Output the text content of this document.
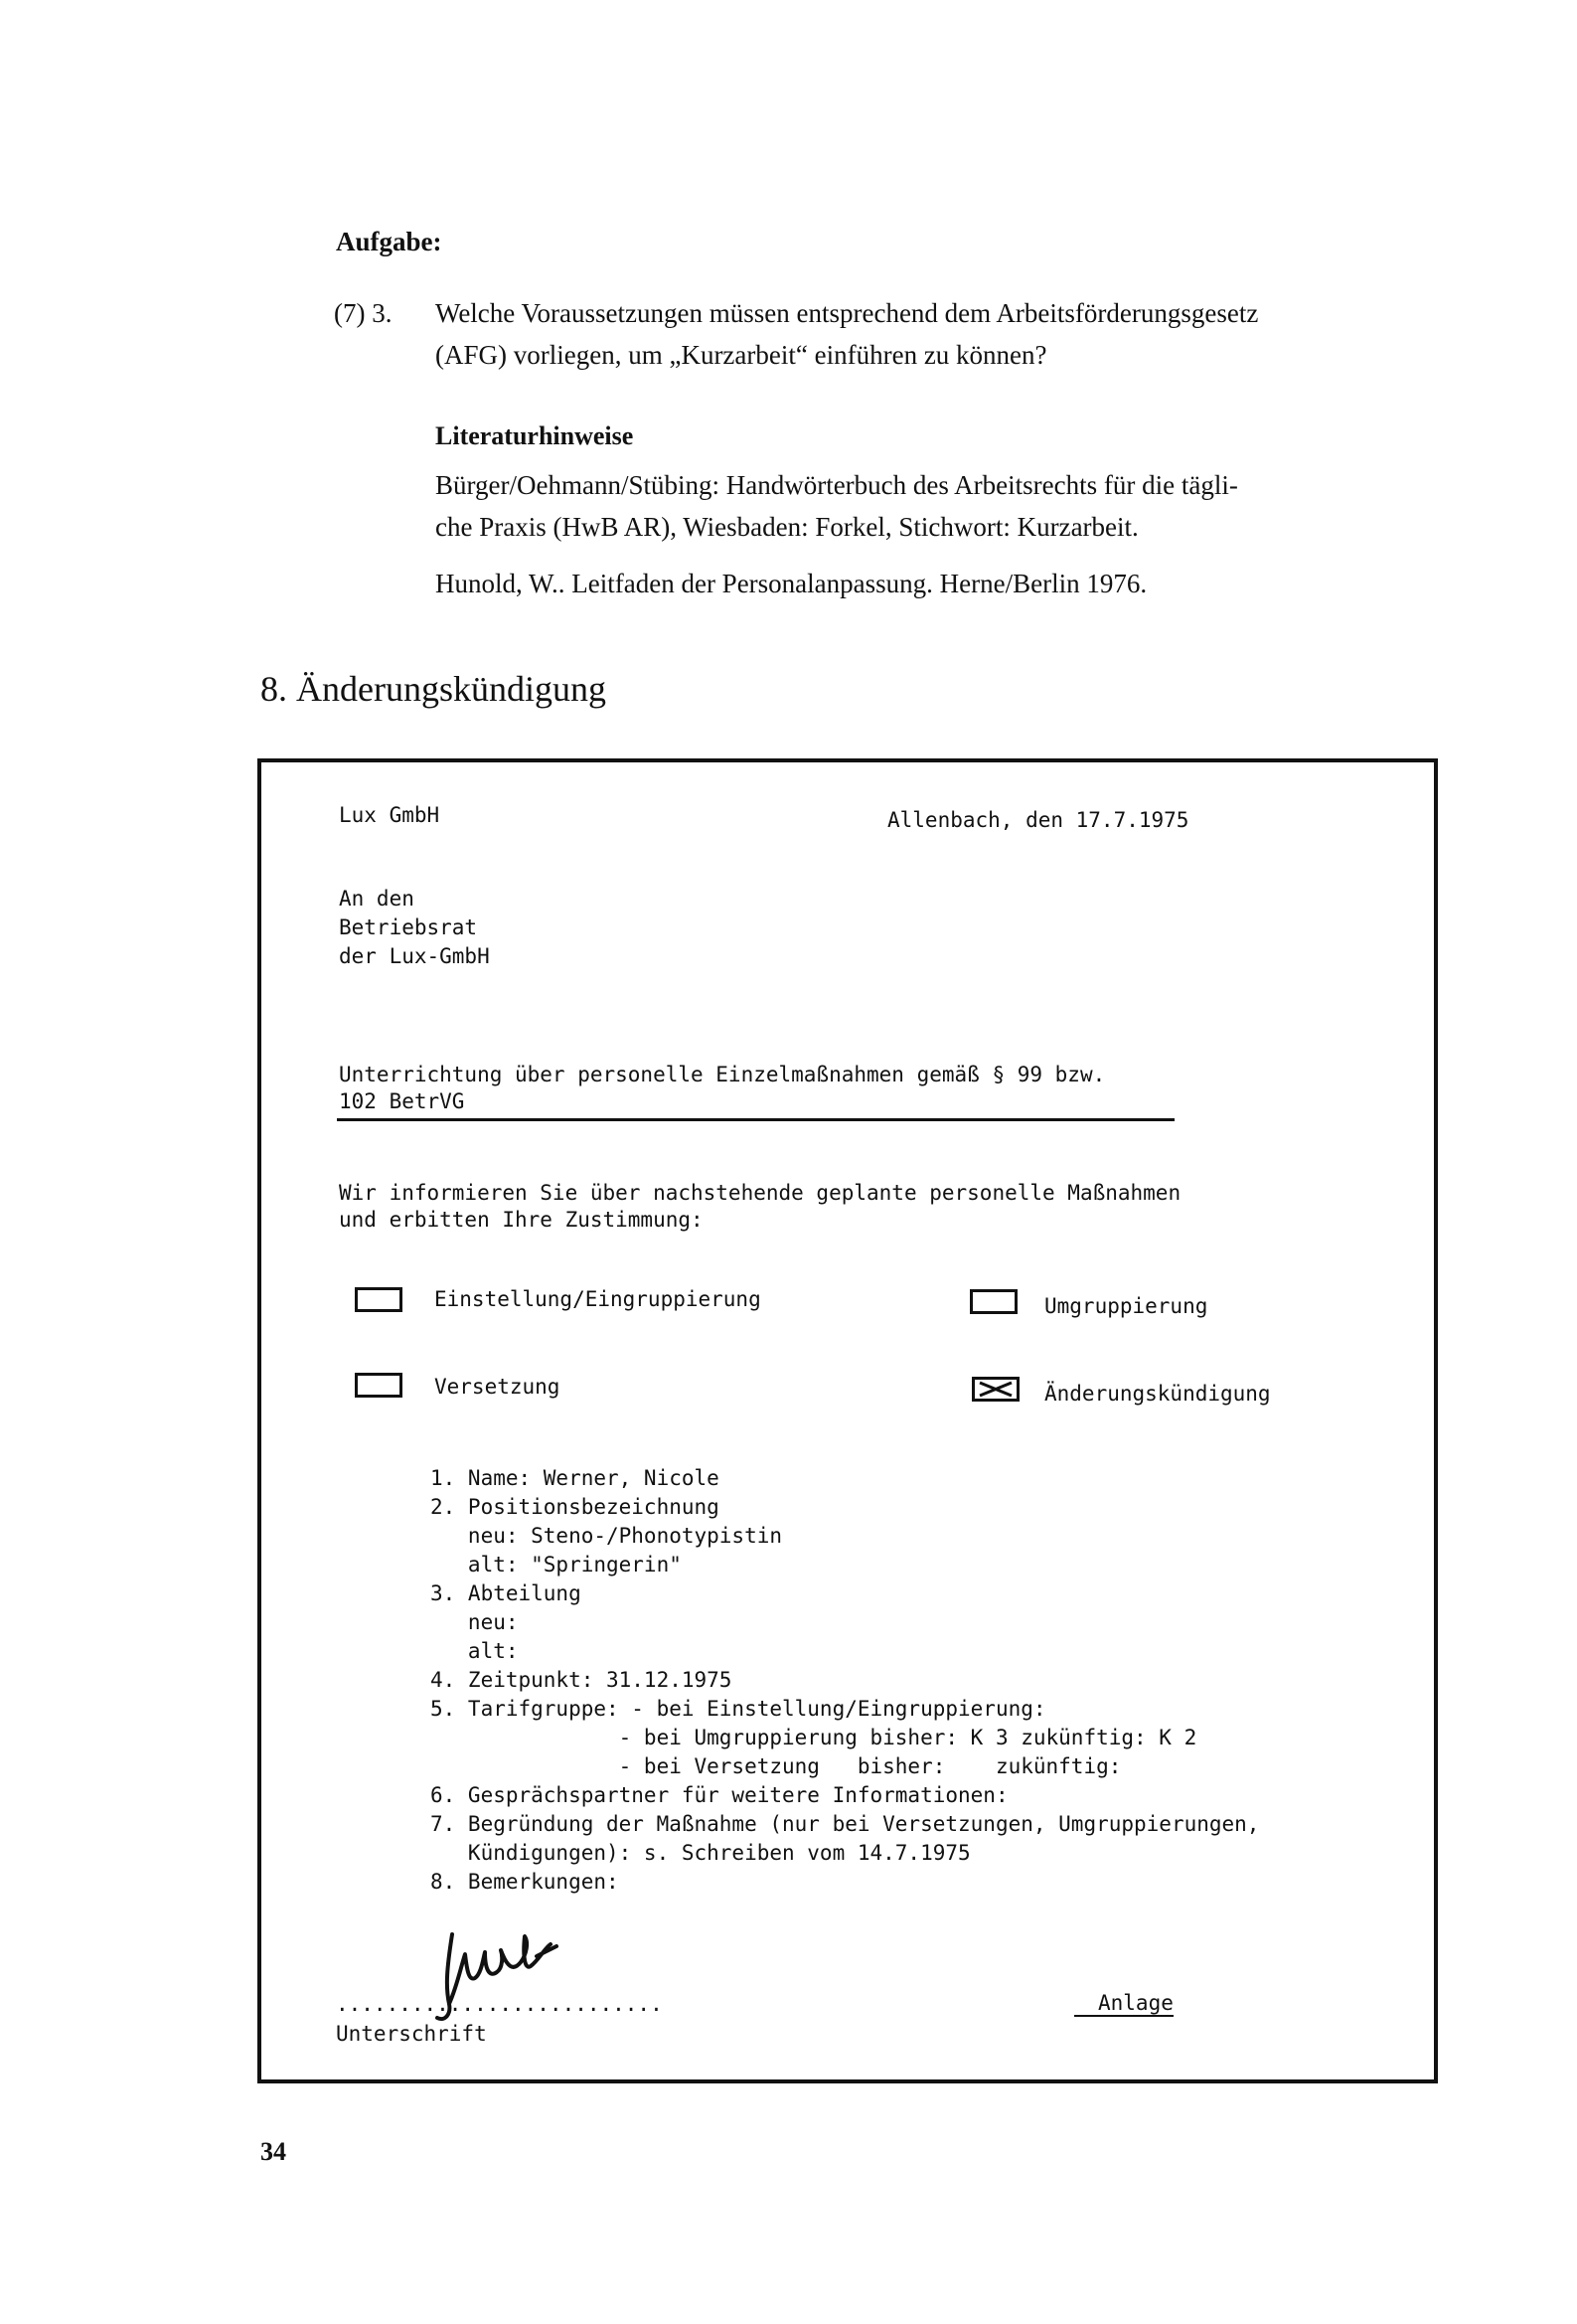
Aufgabe:
(7) 3. Welche Voraussetzungen müssen entsprechend dem Arbeitsförderungsgesetz
(AFG) vorliegen, um „Kurzarbeit“ einführen zu können?
Literaturhinweise
Bürger/Oehmann/Stübing: Handwörterbuch des Arbeitsrechts für die tägli-
che Praxis (HwB AR), Wiesbaden: Forkel, Stichwort: Kurzarbeit.
Hunold, W.. Leitfaden der Personalanpassung. Herne/Berlin 1976.
8. Änderungskündigung
Lux GmbH	Allenbach, den 17.7.1975
An den
Betriebsrat
der Lux-GmbH
Unterrichtung über personelle Einzelmaßnahmen gemäß § 99 bzw.
102 BetrVG
Wir informieren Sie über nachstehende geplante personelle Maßnahmen
und erbitten Ihre Zustimmung:
Einstellung/Eingruppierung	Umgruppierung
Versetzung	Änderungskündigung
1. Name: Werner, Nicole
2. Positionsbezeichnung
neu: Steno-/Phonotypistin
alt: "Springerin"
3. Abteilung
neu:
alt:
4. Zeitpunkt: 31.12.1975
5. Tarifgruppe: - bei Einstellung/Eingruppierung:
- bei Umgruppierung bisher: K 3 zukünftig: K 2
- bei Versetzung   bisher:    zukünftig:
6. Gesprächspartner für weitere Informationen:
7. Begründung der Maßnahme (nur bei Versetzungen, Umgruppierungen,
Kündigungen): s. Schreiben vom 14.7.1975
8. Bemerkungen:
..........................
Unterschrift
Anlage
34
